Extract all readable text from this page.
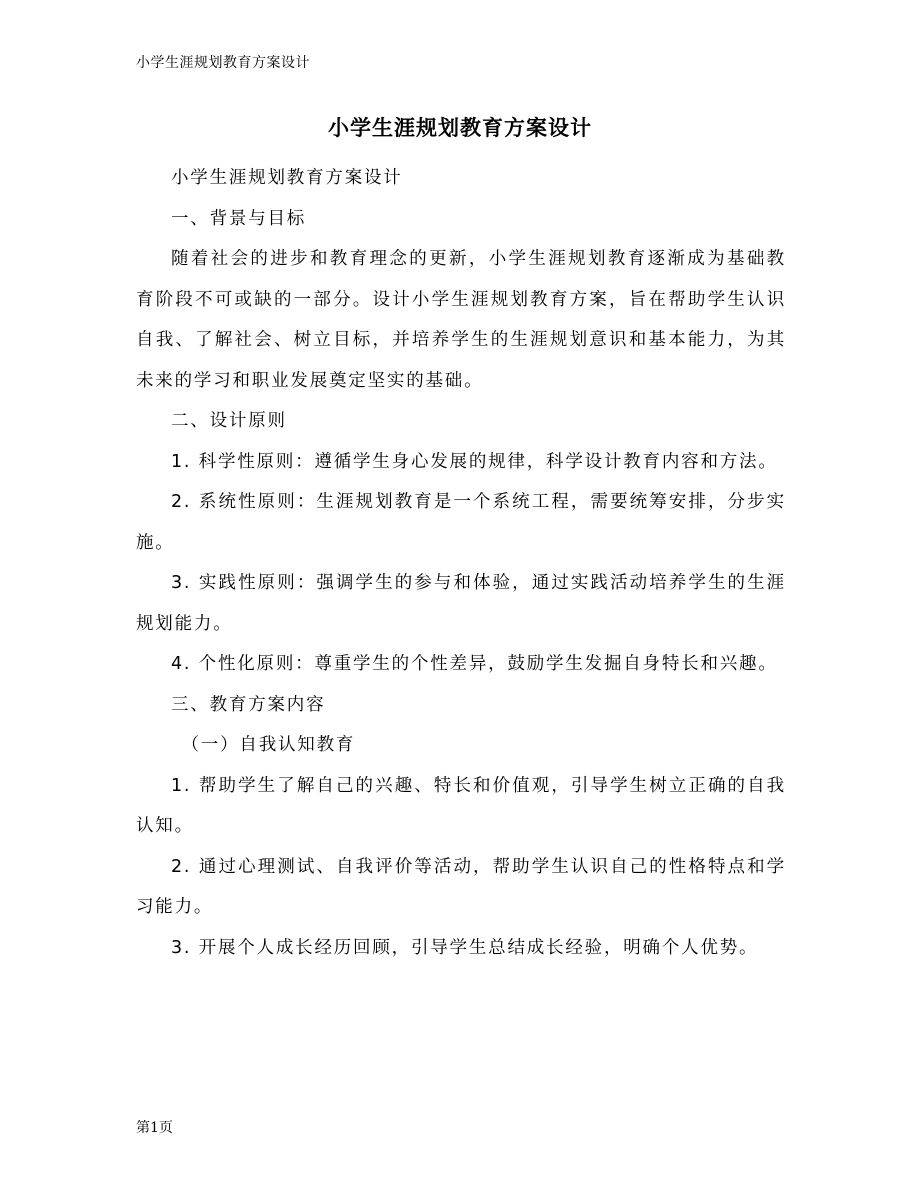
小学生涯规划教育方案设计
小学生涯规划教育方案设计

小学生涯规划教育方案设计

一、背景与目标

随着社会的进步和教育理念的更新，小学生涯规划教育逐渐成为基础教育阶段不可或缺的一部分。设计小学生涯规划教育方案，旨在帮助学生认识自我、了解社会、树立目标，并培养学生的生涯规划意识和基本能力，为其未来的学习和职业发展奠定坚实的基础。

二、设计原则

1. 科学性原则：遵循学生身心发展的规律，科学设计教育内容和方法。

2. 系统性原则：生涯规划教育是一个系统工程，需要统筹安排，分步实施。

3. 实践性原则：强调学生的参与和体验，通过实践活动培养学生的生涯规划能力。

4. 个性化原则：尊重学生的个性差异，鼓励学生发掘自身特长和兴趣。

三、教育方案内容

（一）自我认知教育

1. 帮助学生了解自己的兴趣、特长和价值观，引导学生树立正确的自我认知。

2. 通过心理测试、自我评价等活动，帮助学生认识自己的性格特点和学习能力。

3. 开展个人成长经历回顾，引导学生总结成长经验，明确个人优势。

第1页
